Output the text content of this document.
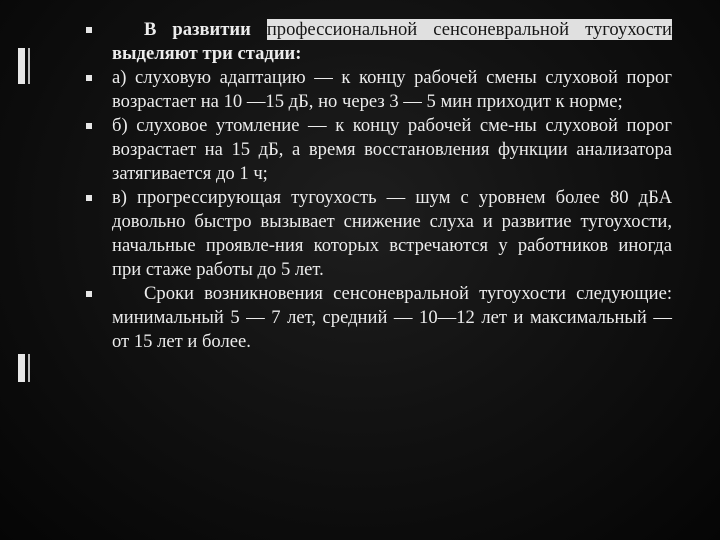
В развитии профессиональной сенсоневральной тугоухости выделяют три стадии:
а) слуховую адаптацию — к концу рабочей смены слуховой порог возрастает на 10 —15 дБ, но через 3 — 5 мин приходит к норме;
б) слуховое утомление — к концу рабочей сме-ны слуховой порог возрастает на 15 дБ, а время восстановления функции анализатора затягивается до 1 ч;
в) прогрессирующая тугоухость — шум с уровнем более 80 дБА довольно быстро вызывает снижение слуха и развитие тугоухости, начальные проявле-ния которых встречаются у работников иногда при стаже работы до 5 лет.
Сроки возникновения сенсоневральной тугоухости следующие: минимальный 5 — 7 лет, средний — 10—12 лет и максимальный — от 15 лет и более.
